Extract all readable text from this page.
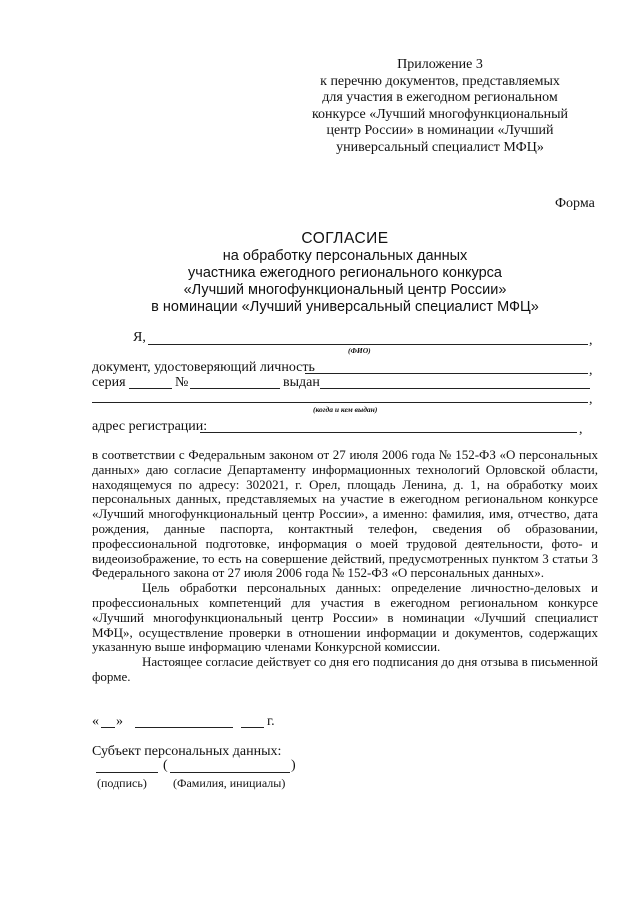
Приложение 3
к перечню документов, представляемых
для участия в ежегодном региональном
конкурсе «Лучший многофункциональный
центр России» в номинации «Лучший
универсальный специалист МФЦ»
Форма
СОГЛАСИЕ
на обработку персональных данных
участника ежегодного регионального конкурса
«Лучший многофункциональный центр России»
в номинации «Лучший универсальный специалист МФЦ»
Я,	,
(ФИО)
документ, удостоверяющий личность	,
серия	№	выдан
,
(когда и кем выдан)
адрес регистрации:	,

в соответствии с Федеральным законом от 27 июля 2006 года № 152-ФЗ «О персональных данных» даю согласие Департаменту информационных технологий Орловской области, находящемуся по адресу: 302021, г. Орел, площадь Ленина, д. 1, на обработку моих персональных данных, представляемых на участие в ежегодном региональном конкурсе «Лучший многофункциональный центр России», а именно: фамилия, имя, отчество, дата рождения, данные паспорта, контактный телефон, сведения об образовании, профессиональной подготовке, информация о моей трудовой деятельности, фото- и видеоизображение, то есть на совершение действий, предусмотренных пунктом 3 статьи 3 Федерального закона от 27 июля 2006 года № 152-ФЗ «О персональных данных».

Цель обработки персональных данных: определение личностно-деловых и профессиональных компетенций для участия в ежегодном региональном конкурсе «Лучший многофункциональный центр России» в номинации «Лучший специалист МФЦ», осуществление проверки в отношении информации и документов, содержащих указанную выше информацию членами Конкурсной комиссии.

Настоящее согласие действует со дня его подписания до дня отзыва в письменной форме.

« »	г.
Субъект персональных данных:
(	)
(подпись) (Фамилия, инициалы)
